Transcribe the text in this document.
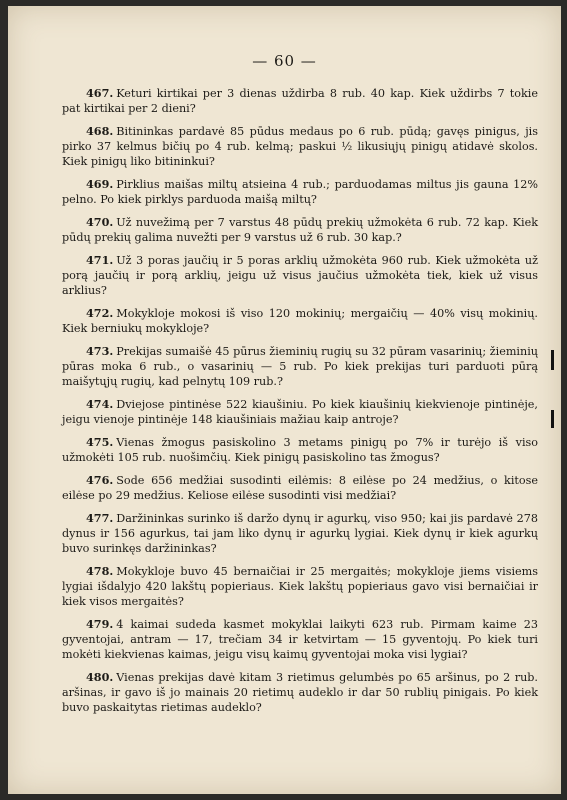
— 60 —

467. Keturi kirtikai per 3 dienas uždirba 8 rub. 40 kap. Kiek uždirbs 7 tokie pat kirtikai per 2 dieni?

468. Bitininkas pardavė 85 pūdus medaus po 6 rub. pūdą; gavęs pinigus, jis pirko 37 kelmus bičių po 4 rub. kelmą; paskui ½ likusiųjų pinigų atidavė skolos. Kiek pinigų liko bitininkui?

469. Pirklius maišas miltų atsieina 4 rub.; parduodamas miltus jis gauna 12% pelno. Po kiek pirklys parduoda maišą miltų?

470. Už nuvežimą per 7 varstus 48 pūdų prekių užmokėta 6 rub. 72 kap. Kiek pūdų prekių galima nuvežti per 9 varstus už 6 rub. 30 kap.?

471. Už 3 poras jaučių ir 5 poras arklių užmokėta 960 rub. Kiek užmokėta už porą jaučių ir porą arklių, jeigu už visus jaučius užmokėta tiek, kiek už visus arklius?

472. Mokykloje mokosi iš viso 120 mokinių; mergaičių — 40% visų mokinių. Kiek berniukų mokykloje?

473. Prekijas sumaišė 45 pūrus žieminių rugių su 32 pūram vasarinių; žieminių pūras moka 6 rub., o vasarinių — 5 rub. Po kiek prekijas turi parduoti pūrą maišytųjų rugių, kad pelnytų 109 rub.?

474. Dviejose pintinėse 522 kiaušiniu. Po kiek kiaušinių kiekvienoje pintinėje, jeigu vienoje pintinėje 148 kiaušiniais mažiau kaip antroje?

475. Vienas žmogus pasiskolino 3 metams pinigų po 7% ir turėjo iš viso užmokėti 105 rub. nuošimčių. Kiek pinigų pasiskolino tas žmogus?

476. Sode 656 medžiai susodinti eilėmis: 8 eilėse po 24 medžius, o kitose eilėse po 29 medžius. Keliose eilėse susodinti visi medžiai?

477. Daržininkas surinko iš daržo dynų ir agurkų, viso 950; kai jis pardavė 278 dynus ir 156 agurkus, tai jam liko dynų ir agurkų lygiai. Kiek dynų ir kiek agurkų buvo surinkęs daržininkas?

478. Mokykloje buvo 45 bernaičiai ir 25 mergaitės; mokykloje jiems visiems lygiai išdalyjo 420 lakštų popieriaus. Kiek lakštų popieriaus gavo visi bernaičiai ir kiek visos mergaitės?

479. 4 kaimai sudeda kasmet mokyklai laikyti 623 rub. Pirmam kaime 23 gyventojai, antram — 17, trečiam 34 ir ketvirtam — 15 gyventojų. Po kiek turi mokėti kiekvienas kaimas, jeigu visų kaimų gyventojai moka visi lygiai?

480. Vienas prekijas davė kitam 3 rietimus gelumbės po 65 aršinus, po 2 rub. aršinas, ir gavo iš jo mainais 20 rietimų audeklo ir dar 50 rublių pinigais. Po kiek buvo paskaitytas rietimas audeklo?
